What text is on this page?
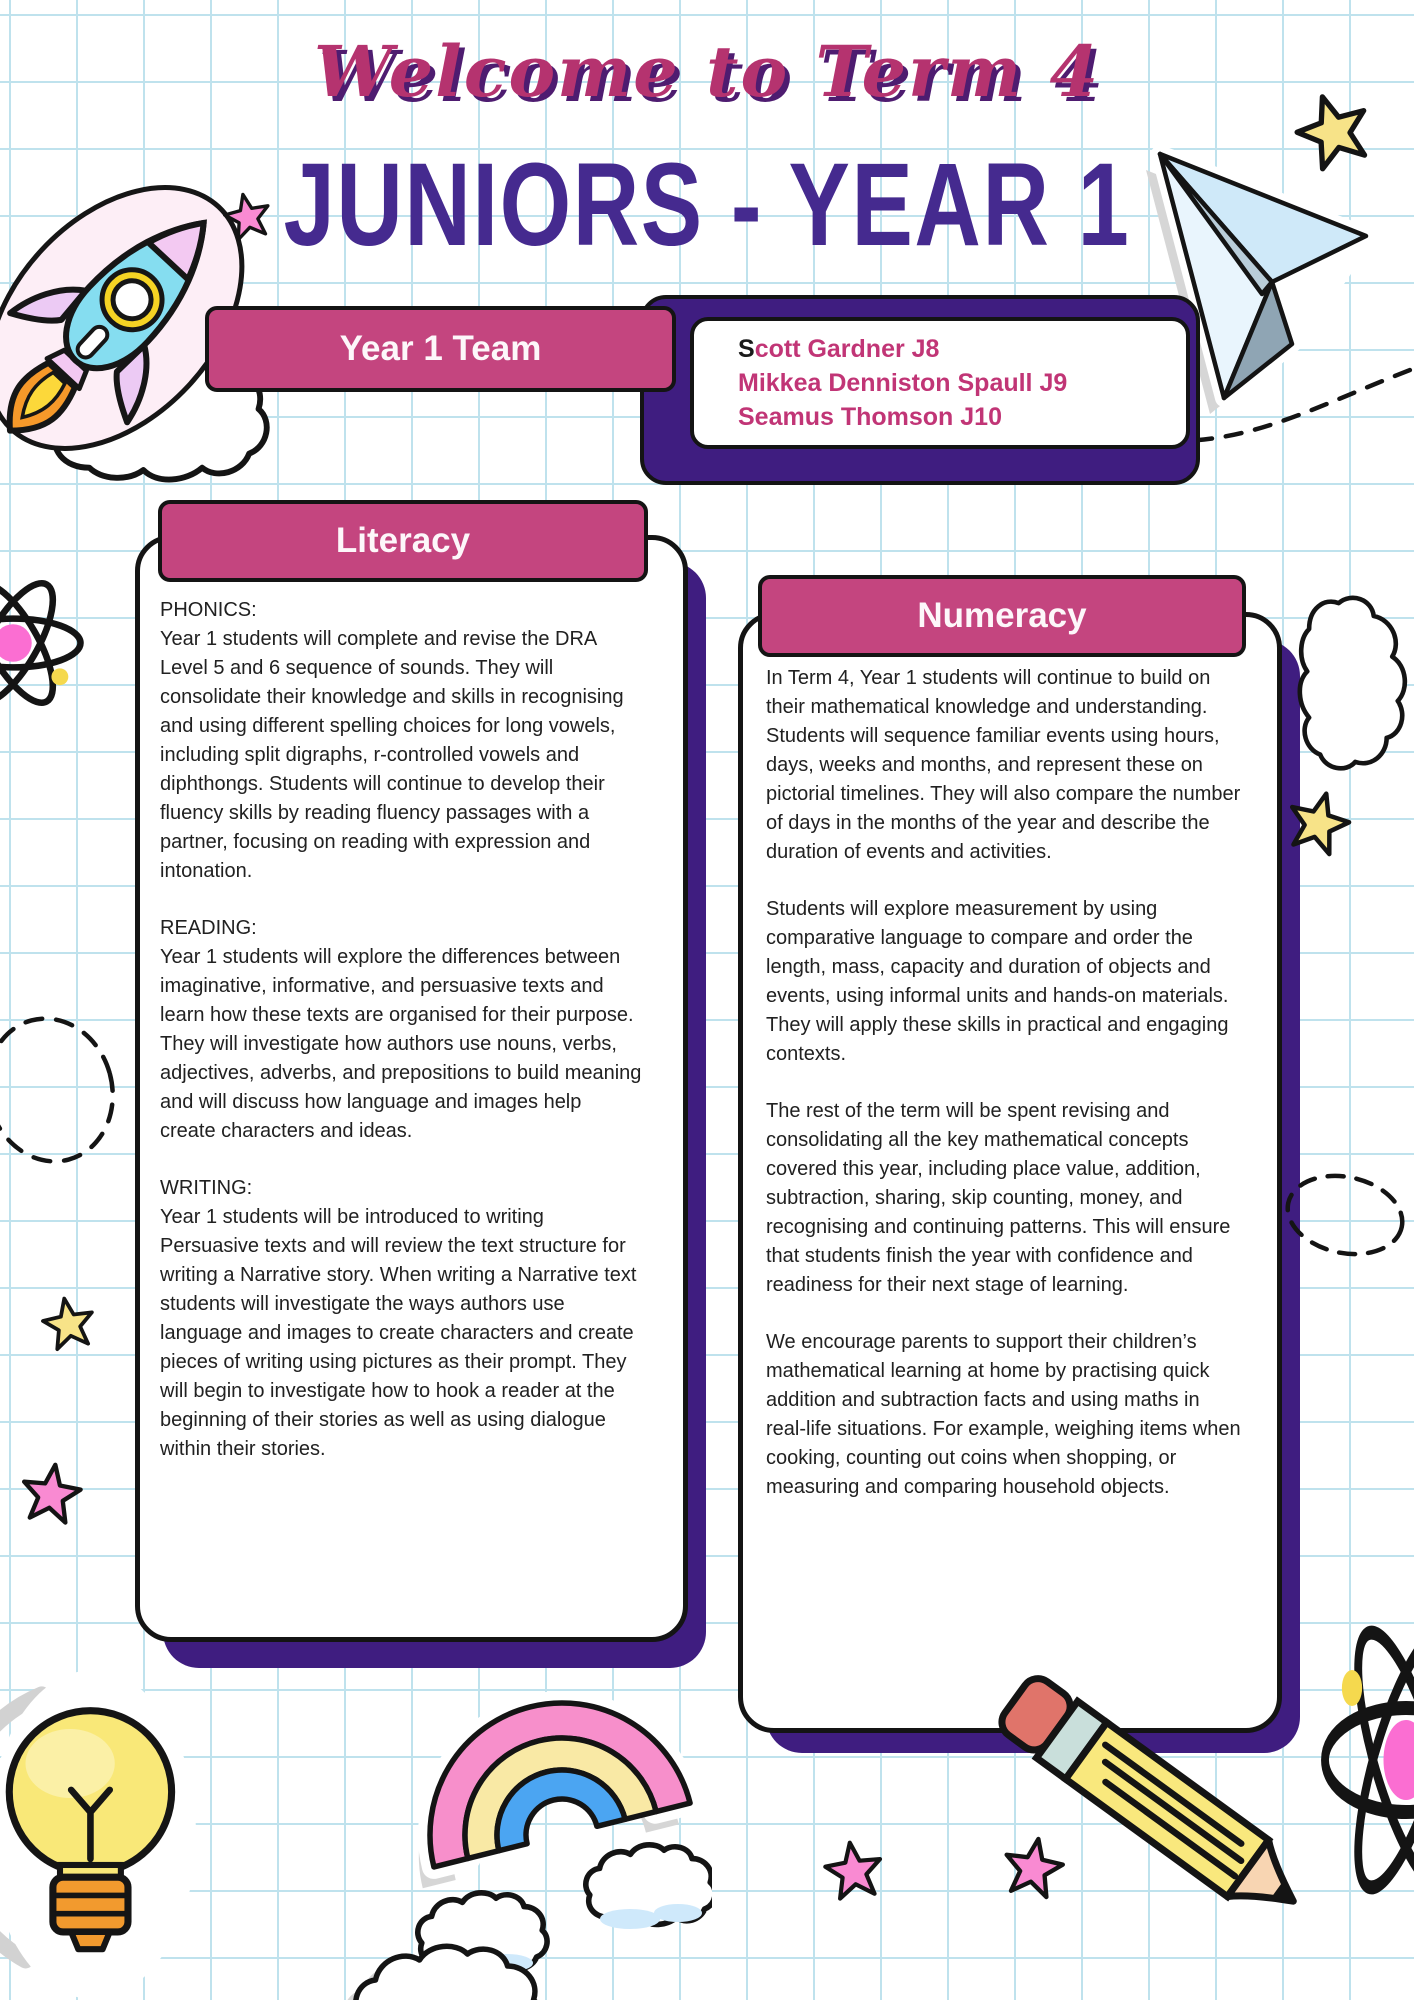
Welcome to Term 4
JUNIORS - YEAR 1
Scott Gardner J8
Mikkea Denniston Spaull J9
Seamus Thomson J10
Year 1 Team
Literacy
PHONICS:
Year 1 students will complete and revise the DRA Level 5 and 6 sequence of sounds. They will consolidate their knowledge and skills in recognising and using different spelling choices for long vowels, including split digraphs, r-controlled vowels and diphthongs. Students will continue to develop their fluency skills by reading fluency passages with a partner, focusing on reading with expression and intonation.
READING:
Year 1 students will explore the differences between imaginative, informative, and persuasive texts and learn how these texts are organised for their purpose. They will investigate how authors use nouns, verbs, adjectives, adverbs, and prepositions to build meaning and will discuss how language and images help create characters and ideas.
WRITING:
Year 1 students will be introduced to writing Persuasive texts and will review the text structure for writing a Narrative story. When writing a Narrative text students will investigate the ways authors use language and images to create characters and create pieces of writing using pictures as their prompt. They will begin to investigate how to hook a reader at the beginning of their stories as well as using dialogue within their stories.
Numeracy

In Term 4, Year 1 students will continue to build on their mathematical knowledge and understanding. Students will sequence familiar events using hours, days, weeks and months, and represent these on pictorial timelines. They will also compare the number of days in the months of the year and describe the duration of events and activities.

Students will explore measurement by using comparative language to compare and order the length, mass, capacity and duration of objects and events, using informal units and hands-on materials. They will apply these skills in practical and engaging contexts.

The rest of the term will be spent revising and consolidating all the key mathematical concepts covered this year, including place value, addition, subtraction, sharing, skip counting, money, and recognising and continuing patterns. This will ensure that students finish the year with confidence and readiness for their next stage of learning.

We encourage parents to support their children’s mathematical learning at home by practising quick addition and subtraction facts and using maths in real-life situations. For example, weighing items when cooking, counting out coins when shopping, or measuring and comparing household objects.
